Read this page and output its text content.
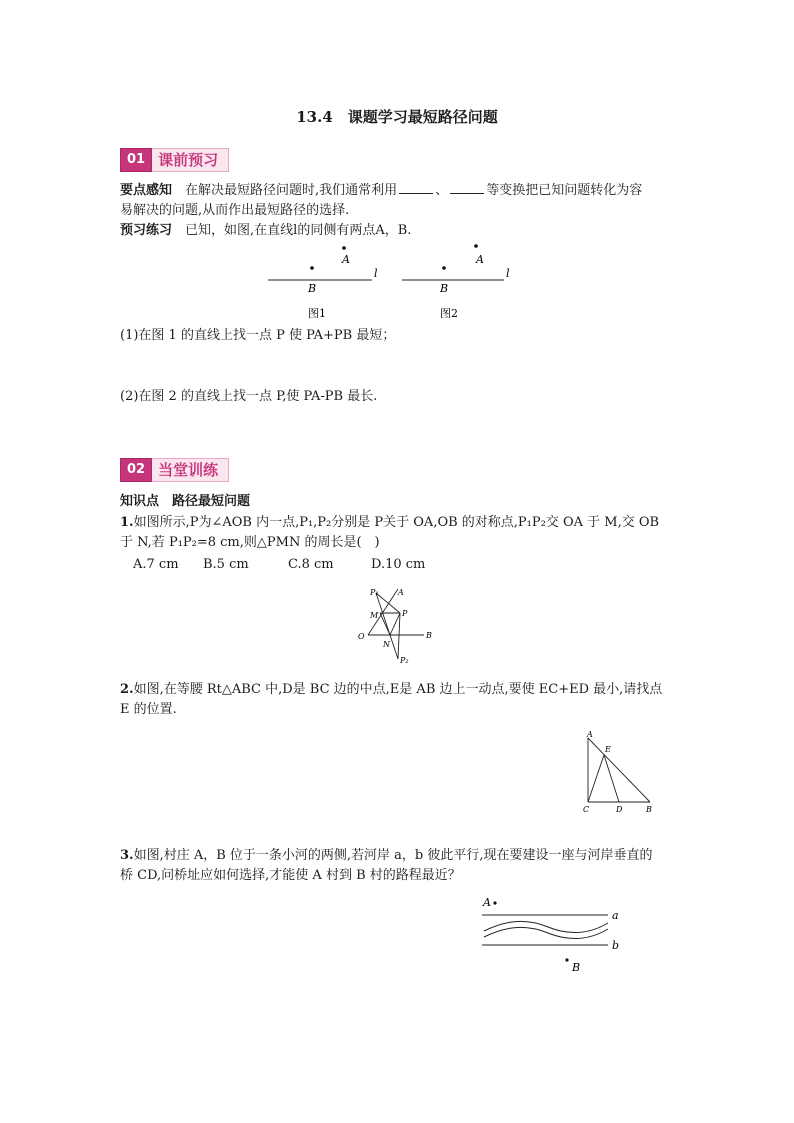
13.4　课题学习最短路径问题
01 课前预习
要点感知　 在解决最短路径问题时,我们通常利用	、	等变换把已知问题转化为容
易解决的问题,从而作出最短路径的选择.
预习练习　 已知，如图,在直线l的同侧有两点A，B.
A
l
B
图1
A
l
B
图2
(1)在图 1 的直线上找一点 P 使 PA+PB 最短；
(2)在图 2 的直线上找一点 P,使 PA-PB 最长.
02 当堂训练
知识点　路径最短问题
1.如图所示,P为∠AOB 内一点,P₁,P₂分别是 P关于 OA,OB 的对称点,P₁P₂交 OA 于 M,交 OB
于 N,若 P₁P₂=8 cm,则△PMN 的周长是(　)
A.7 cm B.5 cm	C.8 cm	D.10 cm
P₁ A
M	P
O
N
B
P₂
2.如图,在等腰 Rt△ABC 中,D是 BC 边的中点,E是 AB 边上一动点,要使 EC+ED 最小,请找点
E 的位置.
A
E
C	D	B
3.如图,村庄 A，B 位于一条小河的两侧,若河岸 a，b 彼此平行,现在要建设一座与河岸垂直的
桥 CD,问桥址应如何选择,才能使 A 村到 B 村的路程最近？
A
a
b
B
